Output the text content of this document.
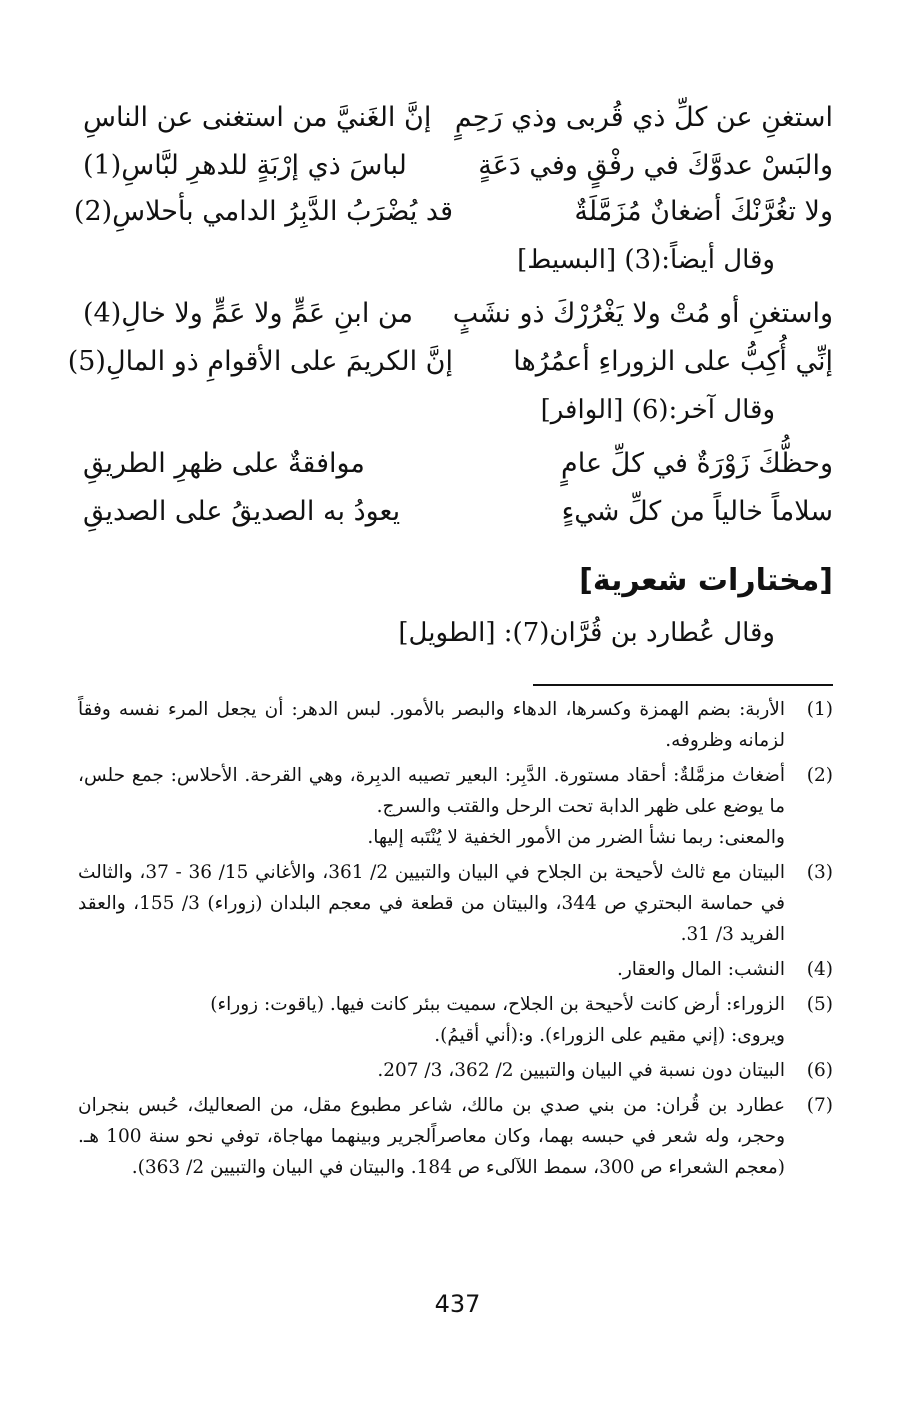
استغنِ عن كلِّ ذي قُربى وذي رَحِمٍ
إنَّ الغَنيَّ من استغنى عن الناسِ
والبَسْ عدوَّكَ في رفْقٍ وفي دَعَةٍ
لباسَ ذي إرْبَةٍ للدهرِ لبَّاسِ(1)
ولا تغُرَّنْكَ أضغانٌ مُزَمَّلَةٌ
قد يُضْرَبُ الدَّبِرُ الدامي بأحلاسِ(2)
وقال أيضاً:(3) [البسيط]
واستغنِ أو مُتْ ولا يَغْرُرْكَ ذو نشَبٍ
من ابنِ عَمٍّ ولا عَمٍّ ولا خالِ(4)
إنِّي أُكِبُّ على الزوراءِ أعمُرُها
إنَّ الكريمَ على الأقوامِ ذو المالِ(5)
وقال آخر:(6) [الوافر]
وحظُّكَ زَوْرَةٌ في كلِّ عامٍ
موافقةٌ على ظهرِ الطريقِ
سلاماً خالياً من كلِّ شيءٍ
يعودُ به الصديقُ على الصديقِ
[مختارات شعرية]
وقال عُطارد بن قُرَّان(7): [الطويل]
(1)

الأربة: بضم الهمزة وكسرها، الدهاء والبصر بالأمور. لبس الدهر: أن يجعل المرء نفسه وفقاً لزمانه وظروفه.

(2)

أضغاث مزمَّلةٌ: أحقاد مستورة. الدَّبِر: البعير تصيبه الدبِرة، وهي القرحة. الأحلاس: جمع حلس، ما يوضع على ظهر الدابة تحت الرحل والقتب والسرج.

والمعنى: ربما نشأ الضرر من الأمور الخفية لا يُنْتَبه إليها.

(3)

البيتان مع ثالث لأحيحة بن الجلاح في البيان والتبيين 2/ 361، والأغاني 15/ 36 - 37، والثالث في حماسة البحتري ص 344، والبيتان من قطعة في معجم البلدان (زوراء) 3/ 155، والعقد الفريد 3/ 31.

(4)

النشب: المال والعقار.

(5)

الزوراء: أرض كانت لأحيحة بن الجلاح، سميت ببئر كانت فيها. (ياقوت: زوراء)

ويروى: (إني مقيم على الزوراء). و:(أني أقيمُ).

(6)

البيتان دون نسبة في البيان والتبيين 2/ 362، 3/ 207.

(7)

عطارد بن قُران: من بني صدي بن مالك، شاعر مطبوع مقل، من الصعاليك، حُبس بنجران وحجر، وله شعر في حبسه بهما، وكان معاصراًلجرير وبينهما مهاجاة، توفي نحو سنة 100 هـ. (معجم الشعراء ص 300، سمط اللآلىء ص 184. والبيتان في البيان والتبيين 2/ 363).

437
